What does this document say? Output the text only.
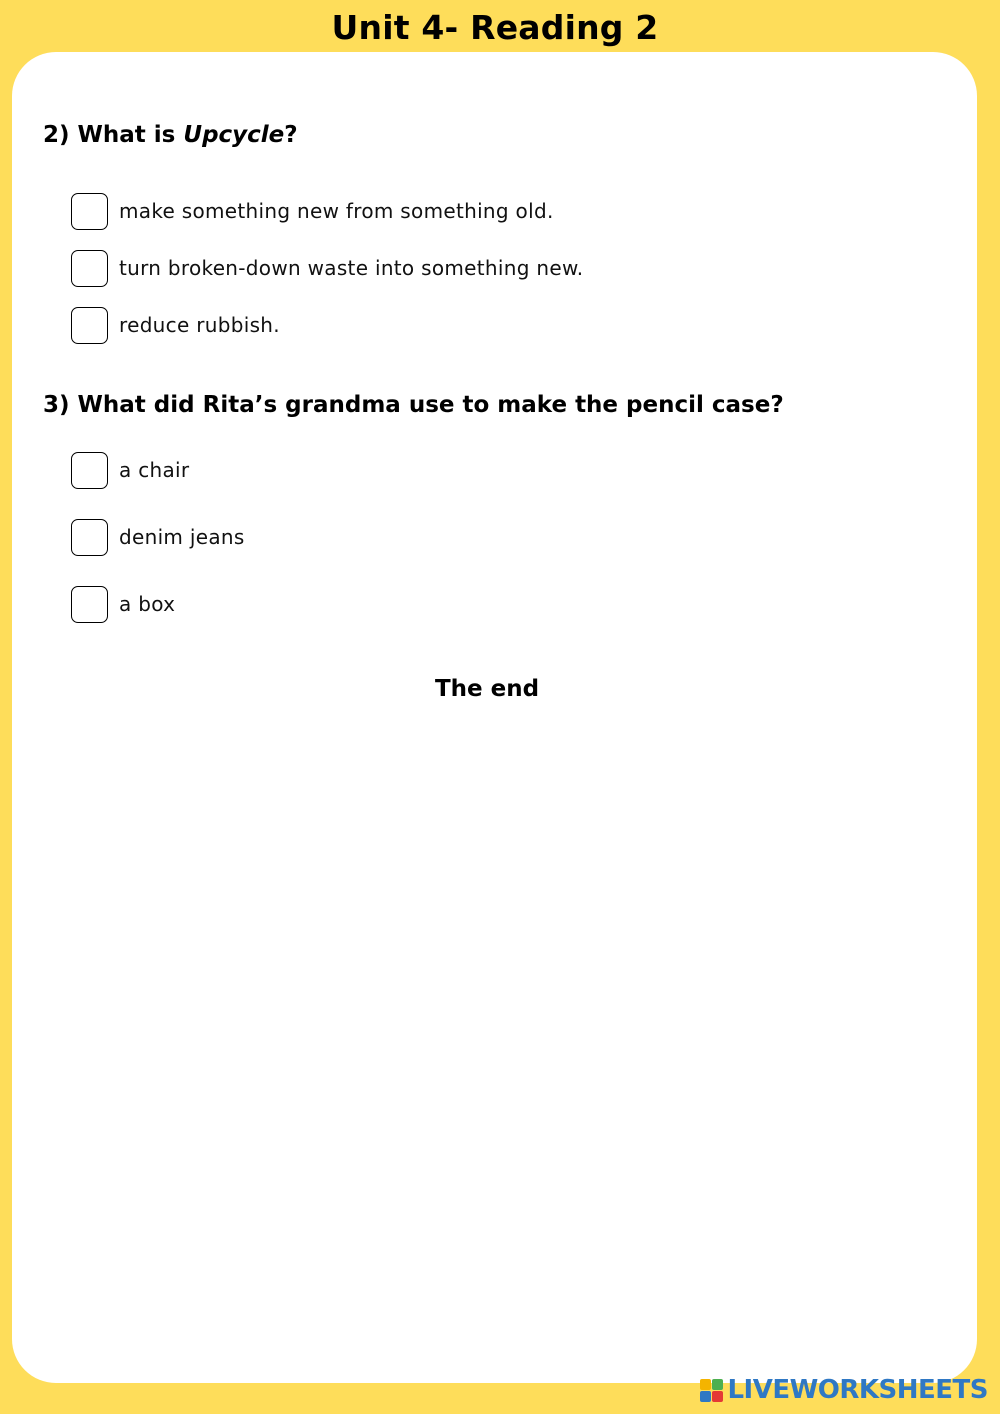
Unit 4- Reading 2

2) What is Upcycle?

make something new from something old.
turn broken-down waste into something new.
reduce rubbish.

3) What did Rita’s grandma use to make the pencil case?

a chair
denim jeans
a box
The end
LIVEWORKSHEETS
